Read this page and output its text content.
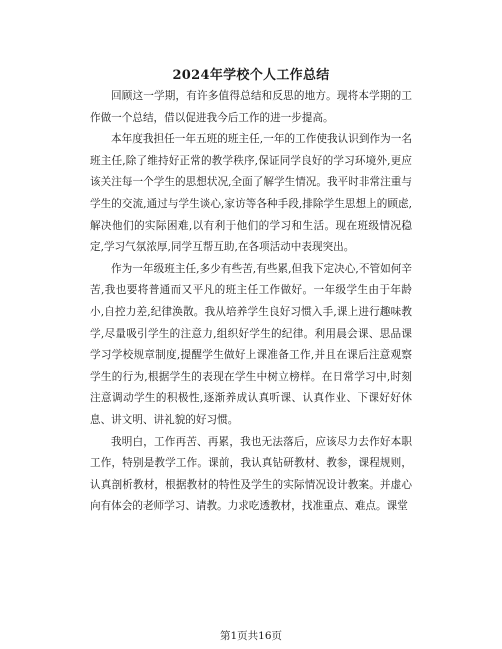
2024年学校个人工作总结

回顾这一学期，有许多值得总结和反思的地方。现将本学期的工作做一个总结，借以促进我今后工作的进一步提高。

本年度我担任一年五班的班主任,一年的工作使我认识到作为一名班主任,除了维持好正常的教学秩序,保证同学良好的学习环境外,更应该关注每一个学生的思想状况,全面了解学生情况。我平时非常注重与学生的交流,通过与学生谈心,家访等各种手段,排除学生思想上的顾虑,解决他们的实际困难,以有利于他们的学习和生活。现在班级情况稳定,学习气氛浓厚,同学互帮互助,在各项活动中表现突出。

作为一年级班主任,多少有些苦,有些累,但我下定决心,不管如何辛苦,我也要将普通而又平凡的班主任工作做好。一年级学生由于年龄小,自控力差,纪律涣散。我从培养学生良好习惯入手,课上进行趣味教学,尽量吸引学生的注意力,组织好学生的纪律。利用晨会课、思品课学习学校规章制度,提醒学生做好上课准备工作,并且在课后注意观察学生的行为,根据学生的表现在学生中树立榜样。在日常学习中,时刻注意调动学生的积极性,逐渐养成认真听课、认真作业、下课好好休息、讲文明、讲礼貌的好习惯。

我明白，工作再苦、再累，我也无法落后，应该尽力去作好本职工作，特别是教学工作。课前，我认真钻研教材、教参，课程规则，认真剖析教材，根据教材的特性及学生的实际情况设计教案。并虚心向有体会的老师学习、请教。力求吃透教材，找准重点、难点。课堂

第1页共16页
